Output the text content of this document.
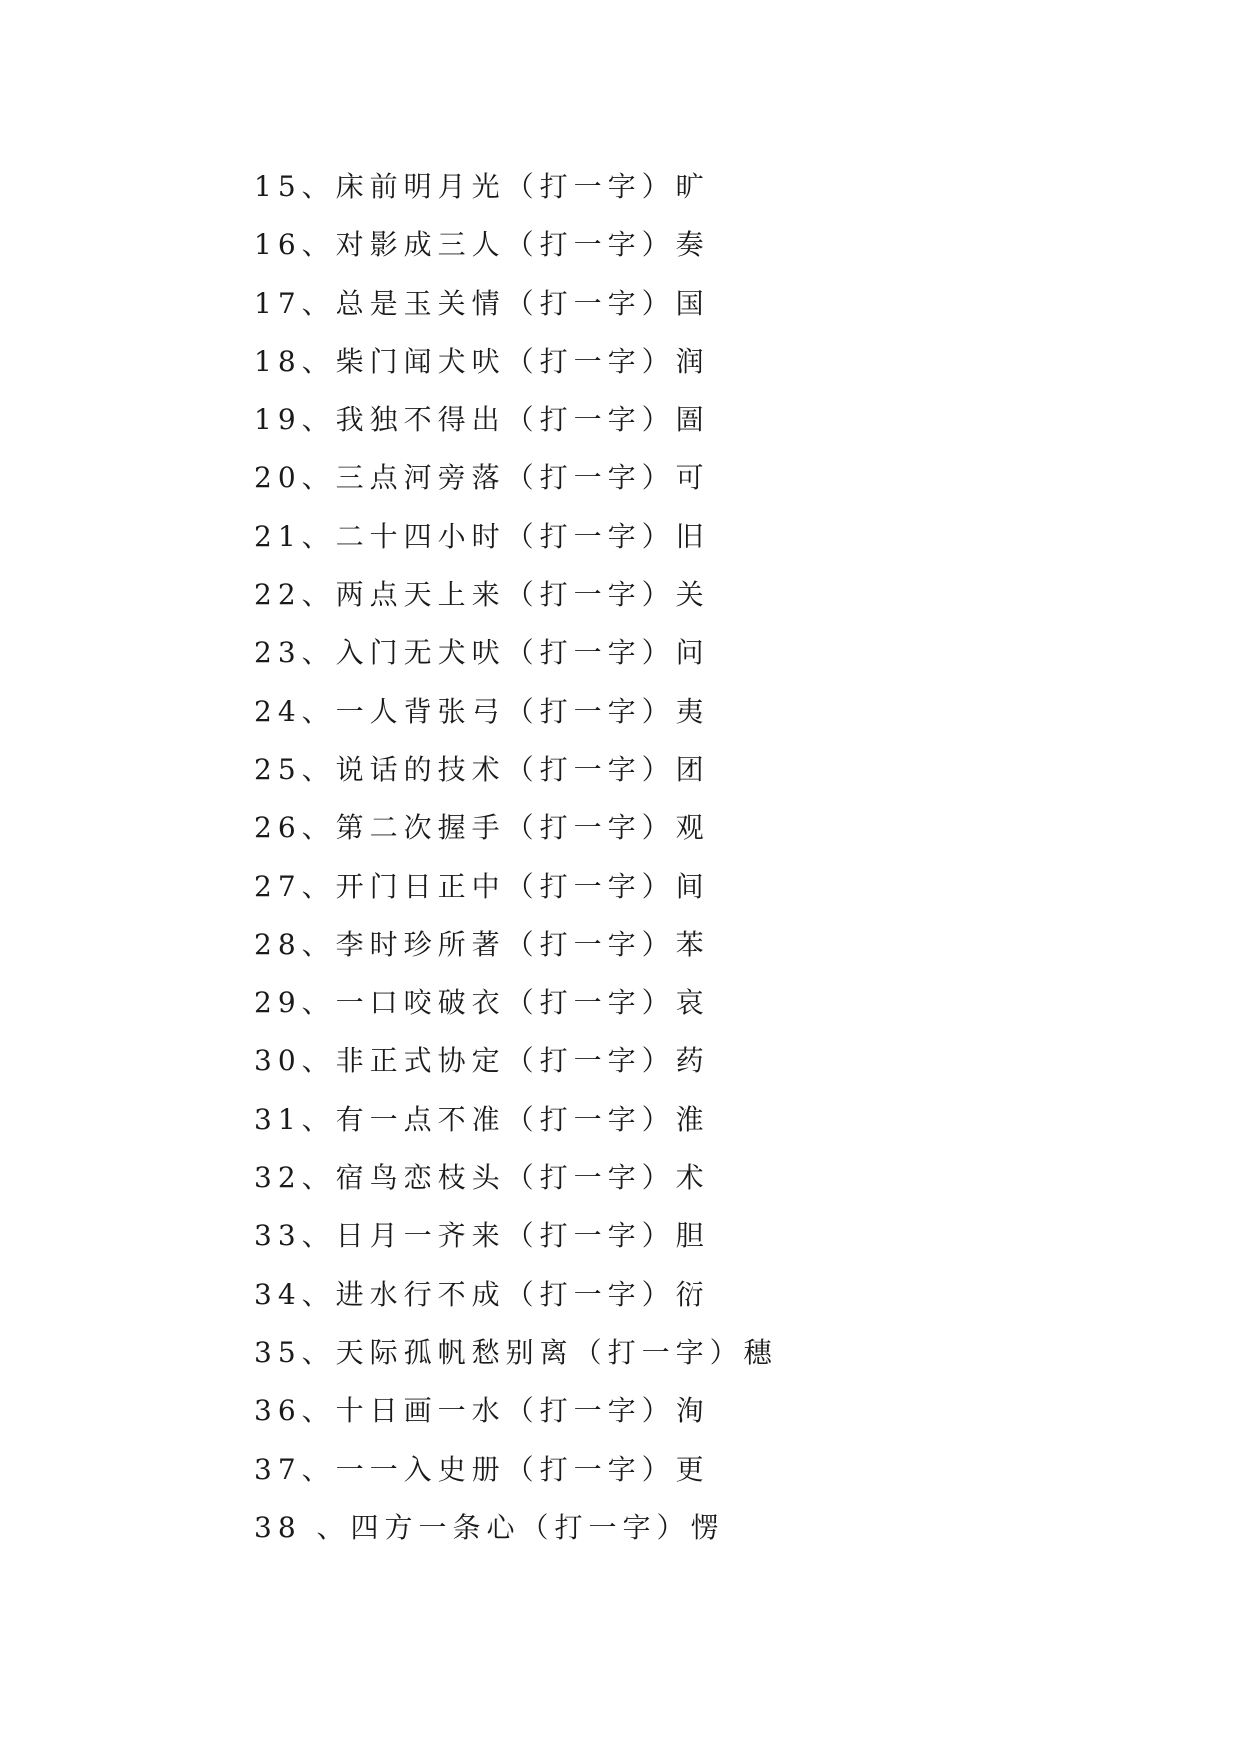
15、床前明月光（打一字）旷
16、对影成三人（打一字）奏
17、总是玉关情（打一字）国
18、柴门闻犬吠（打一字）润
19、我独不得出（打一字）圄
20、三点河旁落（打一字）可
21、二十四小时（打一字）旧
22、两点天上来（打一字）关
23、入门无犬吠（打一字）问
24、一人背张弓（打一字）夷
25、说话的技术（打一字）团
26、第二次握手（打一字）观
27、开门日正中（打一字）间
28、李时珍所著（打一字）苯
29、一口咬破衣（打一字）哀
30、非正式协定（打一字）药
31、有一点不准（打一字）淮
32、宿鸟恋枝头（打一字）术
33、日月一齐来（打一字）胆
34、进水行不成（打一字）衍
35、天际孤帆愁别离（打一字）穗
36、十日画一水（打一字）洵
37、一一入史册（打一字）更
38 、四方一条心（打一字）愣
